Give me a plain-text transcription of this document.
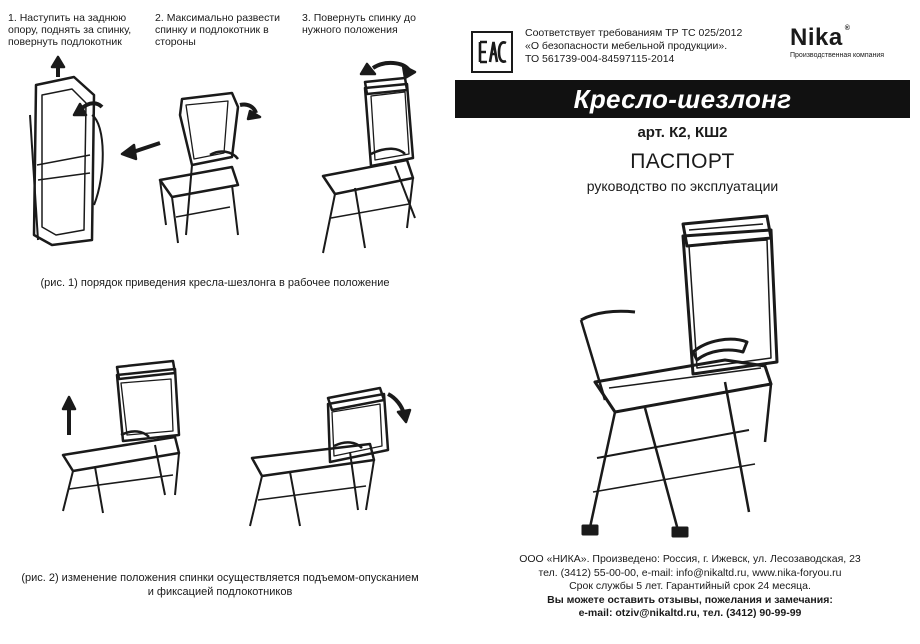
1. Наступить на заднюю опору, поднять за спинку, повернуть подлокотник
2. Максимально развести спинку и подлокотник в стороны
3. Повернуть спинку до нужного положения
(рис. 1) порядок приведения кресла-шезлонга в рабочее положение
(рис. 2) изменение положения спинки осуществляется подъемом-опусканием
и фиксацией подлокотников
Соответствует требованиям ТР ТС 025/2012
«О безопасности мебельной продукции».
ТО 561739-004-84597115-2014
Nika ®
Производственная компания
Кресло-шезлонг
арт. К2, КШ2
ПАСПОРТ
руководство по эксплуатации
ООО «НИКА». Произведено: Россия, г. Ижевск, ул. Лесозаводская, 23
тел. (3412) 55-00-00, e-mail: info@nikaltd.ru, www.nika-foryou.ru
Срок службы 5 лет. Гарантийный срок 24 месяца.
Вы можете оставить отзывы, пожелания и замечания:
e-mail: otziv@nikaltd.ru, тел. (3412) 90-99-99
